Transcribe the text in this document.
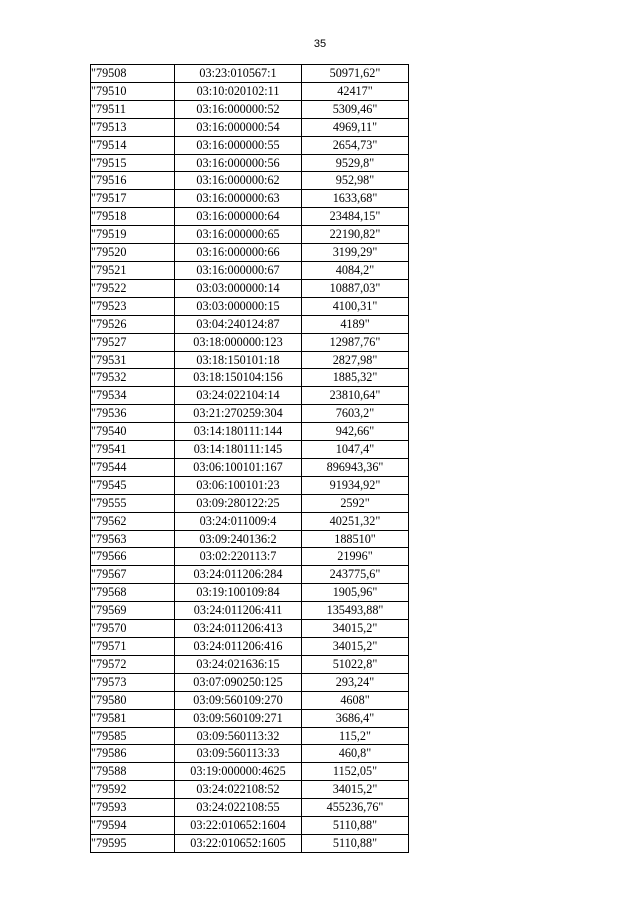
35
"79508	03:23:010567:1	50971,62"
"79510	03:10:020102:11	42417"
"79511	03:16:000000:52	5309,46"
"79513	03:16:000000:54	4969,11"
"79514	03:16:000000:55	2654,73"
"79515	03:16:000000:56	9529,8"
"79516	03:16:000000:62	952,98"
"79517	03:16:000000:63	1633,68"
"79518	03:16:000000:64	23484,15"
"79519	03:16:000000:65	22190,82"
"79520	03:16:000000:66	3199,29"
"79521	03:16:000000:67	4084,2"
"79522	03:03:000000:14	10887,03"
"79523	03:03:000000:15	4100,31"
"79526	03:04:240124:87	4189"
"79527	03:18:000000:123	12987,76"
"79531	03:18:150101:18	2827,98"
"79532	03:18:150104:156	1885,32"
"79534	03:24:022104:14	23810,64"
"79536	03:21:270259:304	7603,2"
"79540	03:14:180111:144	942,66"
"79541	03:14:180111:145	1047,4"
"79544	03:06:100101:167	896943,36"
"79545	03:06:100101:23	91934,92"
"79555	03:09:280122:25	2592"
"79562	03:24:011009:4	40251,32"
"79563	03:09:240136:2	188510"
"79566	03:02:220113:7	21996"
"79567	03:24:011206:284	243775,6"
"79568	03:19:100109:84	1905,96"
"79569	03:24:011206:411	135493,88"
"79570	03:24:011206:413	34015,2"
"79571	03:24:011206:416	34015,2"
"79572	03:24:021636:15	51022,8"
"79573	03:07:090250:125	293,24"
"79580	03:09:560109:270	4608"
"79581	03:09:560109:271	3686,4"
"79585	03:09:560113:32	115,2"
"79586	03:09:560113:33	460,8"
"79588	03:19:000000:4625	1152,05"
"79592	03:24:022108:52	34015,2"
"79593	03:24:022108:55	455236,76"
"79594	03:22:010652:1604	5110,88"
"79595	03:22:010652:1605	5110,88"
